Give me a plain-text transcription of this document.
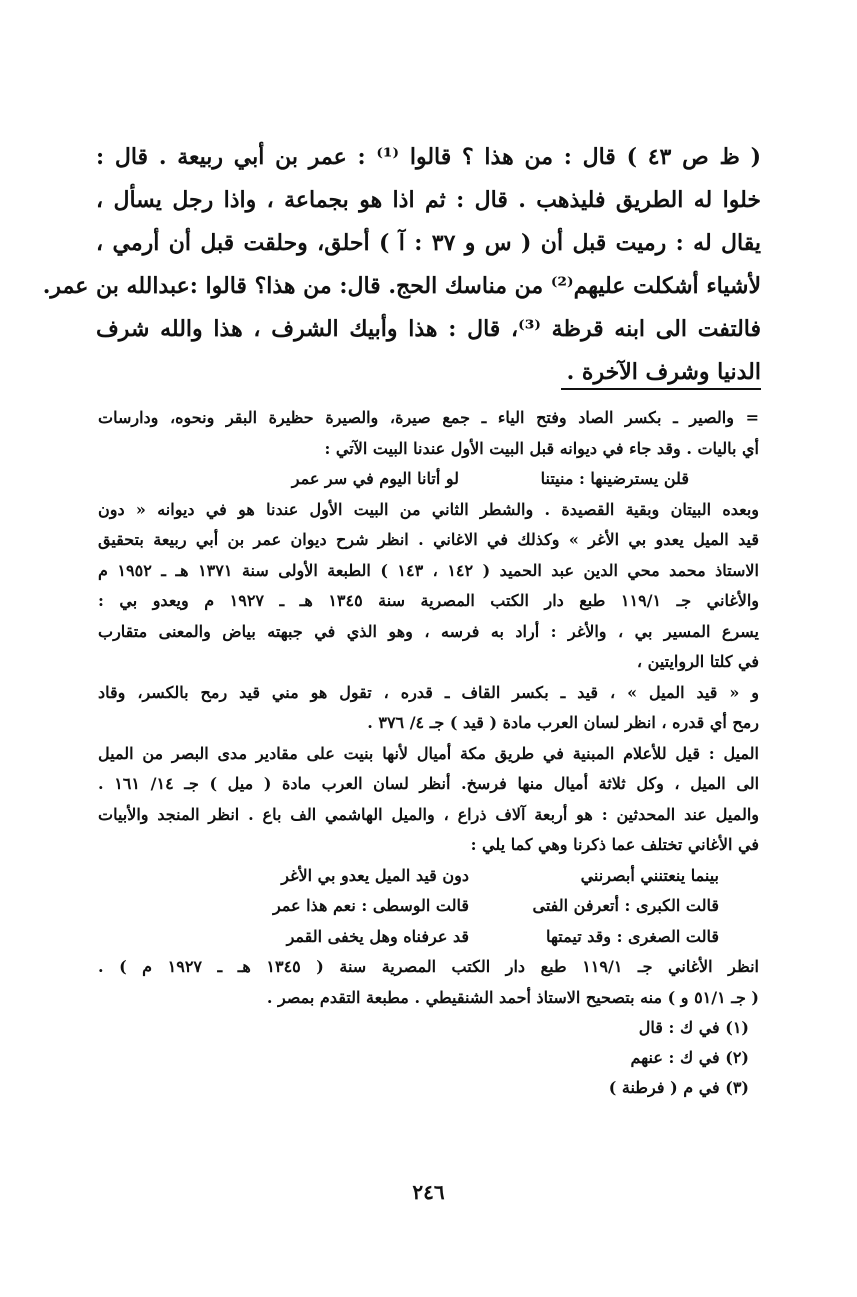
( ظ ص ٤٣ ) قال : من هذا ؟ قالوا ⁽¹⁾ : عمر بن أبي ربيعة . قال :
خلوا له الطريق فليذهب . قال : ثم اذا هو بجماعة ، واذا رجل يسأل ،
يقال له : رميت قبل أن ( س و ٣٧ : آ ) أحلق، وحلقت قبل أن أرمي ،
لأشياء أشكلت عليهم⁽²⁾ من مناسك الحج. قال: من هذا؟ قالوا :عبدالله بن عمر.
فالتفت الى ابنه قرظة ⁽³⁾، قال : هذا وأبيك الشرف ، هذا والله شرف
الدنيا وشرف الآخرة .
= والصير ـ بكسر الصاد وفتح الياء ـ جمع صيرة، والصيرة حظيرة البقر ونحوه، ودارسات
أي باليات . وقد جاء في ديوانه قبل البيت الأول عندنا البيت الآتي :
قلن يسترضينها : منيتنا
لو أتانا اليوم في سر عمر
وبعده البيتان وبقية القصيدة . والشطر الثاني من البيت الأول عندنا هو في ديوانه « دون
قيد الميل يعدو بي الأغر » وكذلك في الاغاني . انظر شرح ديوان عمر بن أبي ربيعة بتحقيق
الاستاذ محمد محي الدين عبد الحميد ( ١٤٢ ، ١٤٣ ) الطبعة الأولى سنة ١٣٧١ هـ ـ ١٩٥٢ م
والأغاني جـ ١١٩/١ طبع دار الكتب المصرية سنة ١٣٤٥ هـ ـ ١٩٢٧ م ويعدو بي :
يسرع المسير بي ، والأغر : أراد به فرسه ، وهو الذي في جبهته بياض والمعنى متقارب
في كلتا الروايتين ،
و « قيد الميل » ، قيد ـ بكسر القاف ـ قدره ، تقول هو مني قيد رمح بالكسر، وقاد
رمح أي قدره ، انظر لسان العرب مادة ( قيد ) جـ ٤/ ٣٧٦ .
الميل : قيل للأعلام المبنية في طريق مكة أميال لأنها بنيت على مقادير مدى البصر من الميل
الى الميل ، وكل ثلاثة أميال منها فرسخ. أنظر لسان العرب مادة ( ميل ) جـ ١٤/ ١٦١ .
والميل عند المحدثين : هو أربعة آلاف ذراع ، والميل الهاشمي الف باع . انظر المنجد والأبيات
في الأغاني تختلف عما ذكرنا وهي كما يلي :
بينما ينعتنني أبصرنني
دون قيد الميل يعدو بي الأغر
قالت الكبرى : أتعرفن الفتى
قالت الوسطى : نعم هذا عمر
قالت الصغرى : وقد تيمتها
قد عرفناه وهل يخفى القمر
انظر الأغاني جـ ١١٩/١ طبع دار الكتب المصرية سنة ( ١٣٤٥ هـ ـ ١٩٢٧ م ) .
( جـ ٥١/١ و ) منه بتصحيح الاستاذ أحمد الشنقيطي . مطبعة التقدم بمصر .
(١) في ك : قال
(٢) في ك : عنهم
(٣) في م ( فرطنة )
٢٤٦
